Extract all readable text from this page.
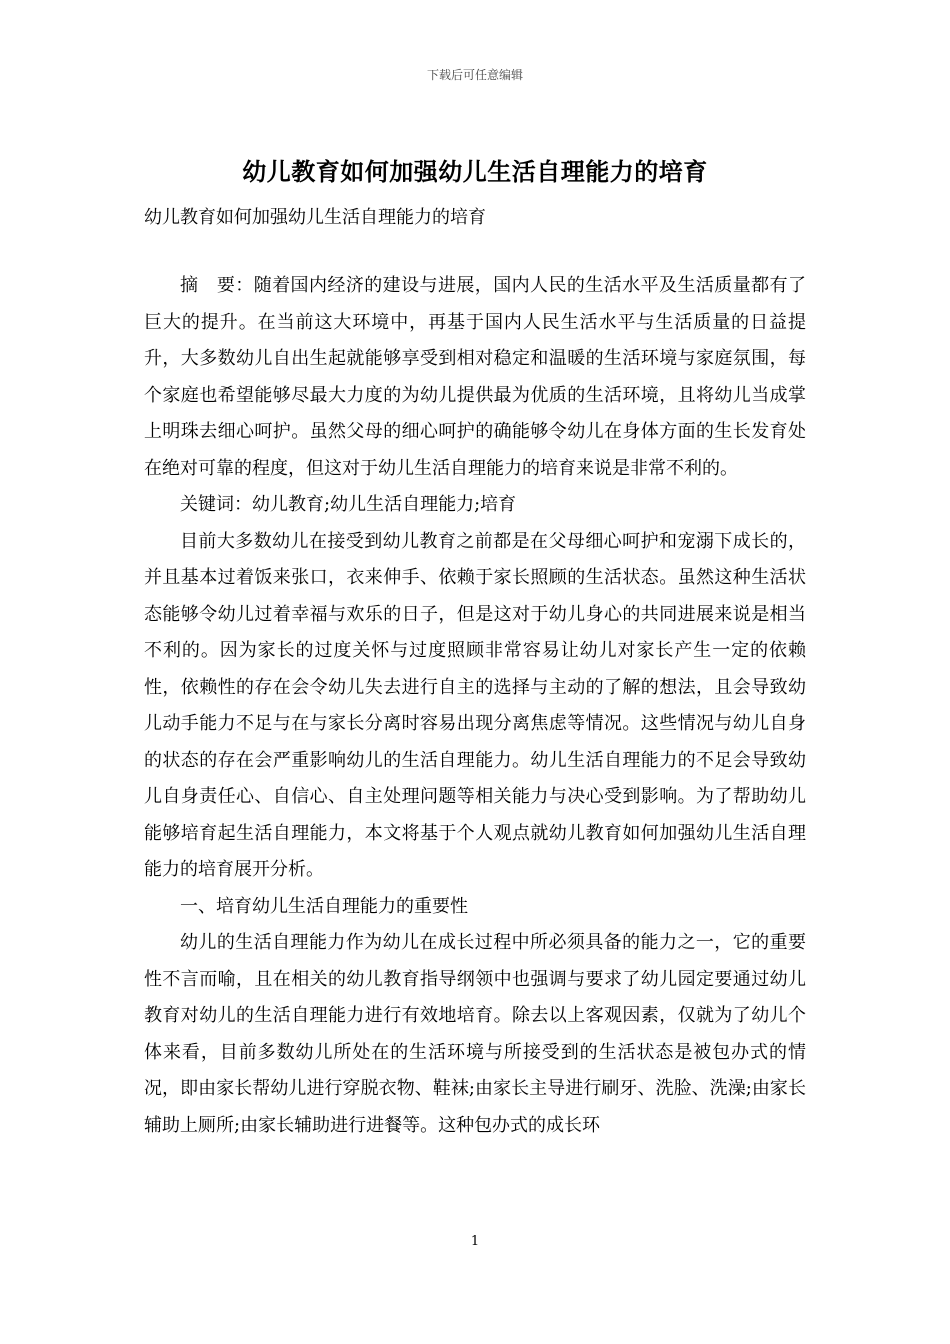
下载后可任意编辑
幼儿教育如何加强幼儿生活自理能力的培育
幼儿教育如何加强幼儿生活自理能力的培育

摘　要：随着国内经济的建设与进展，国内人民的生活水平及生活质量都有了巨大的提升。在当前这大环境中，再基于国内人民生活水平与生活质量的日益提升，大多数幼儿自出生起就能够享受到相对稳定和温暖的生活环境与家庭氛围，每个家庭也希望能够尽最大力度的为幼儿提供最为优质的生活环境，且将幼儿当成掌上明珠去细心呵护。虽然父母的细心呵护的确能够令幼儿在身体方面的生长发育处在绝对可靠的程度，但这对于幼儿生活自理能力的培育来说是非常不利的。

关键词：幼儿教育;幼儿生活自理能力;培育

目前大多数幼儿在接受到幼儿教育之前都是在父母细心呵护和宠溺下成长的，并且基本过着饭来张口，衣来伸手、依赖于家长照顾的生活状态。虽然这种生活状态能够令幼儿过着幸福与欢乐的日子，但是这对于幼儿身心的共同进展来说是相当不利的。因为家长的过度关怀与过度照顾非常容易让幼儿对家长产生一定的依赖性，依赖性的存在会令幼儿失去进行自主的选择与主动的了解的想法，且会导致幼儿动手能力不足与在与家长分离时容易出现分离焦虑等情况。这些情况与幼儿自身的状态的存在会严重影响幼儿的生活自理能力。幼儿生活自理能力的不足会导致幼儿自身责任心、自信心、自主处理问题等相关能力与决心受到影响。为了帮助幼儿能够培育起生活自理能力，本文将基于个人观点就幼儿教育如何加强幼儿生活自理能力的培育展开分析。

一、培育幼儿生活自理能力的重要性

幼儿的生活自理能力作为幼儿在成长过程中所必须具备的能力之一，它的重要性不言而喻，且在相关的幼儿教育指导纲领中也强调与要求了幼儿园定要通过幼儿教育对幼儿的生活自理能力进行有效地培育。除去以上客观因素，仅就为了幼儿个体来看，目前多数幼儿所处在的生活环境与所接受到的生活状态是被包办式的情况，即由家长帮幼儿进行穿脱衣物、鞋袜;由家长主导进行刷牙、洗脸、洗澡;由家长辅助上厕所;由家长辅助进行进餐等。这种包办式的成长环

1
